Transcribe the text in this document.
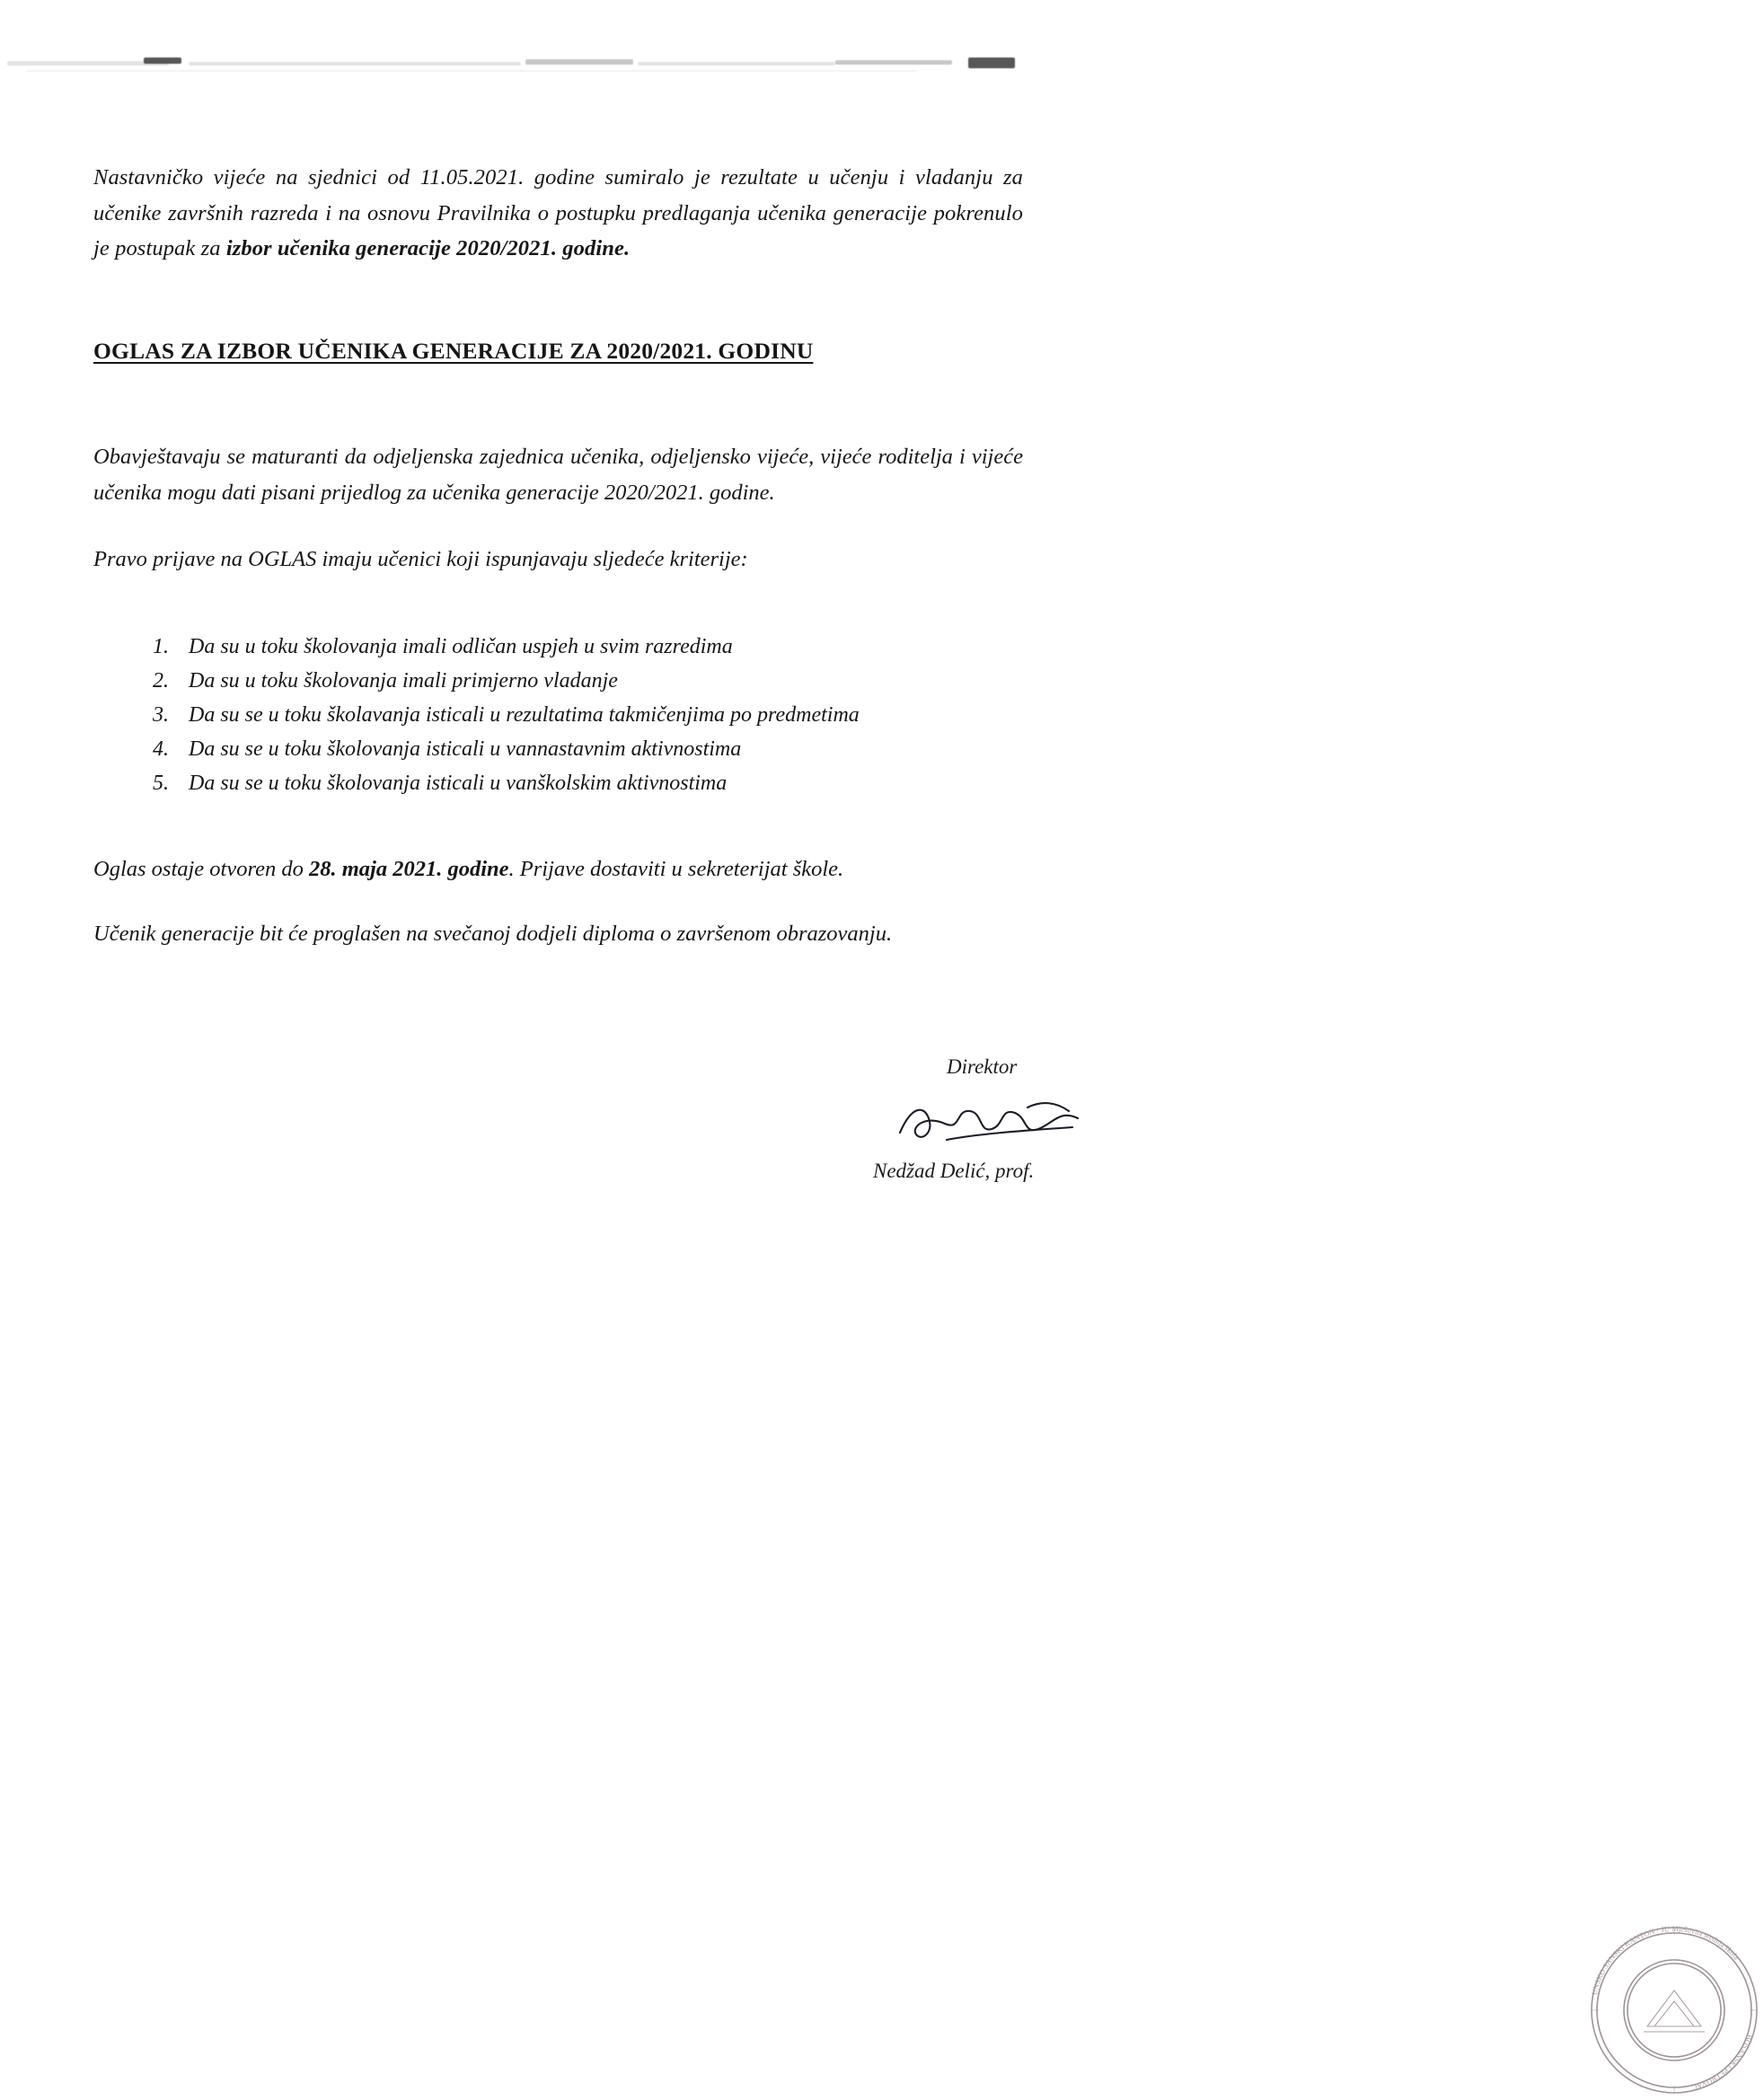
Nastavničko vijeće na sjednici od 11.05.2021. godine sumiralo je rezultate u učenju i vladanju za učenike završnih razreda i na osnovu Pravilnika o postupku predlaganja učenika generacije pokrenulo je postupak za izbor učenika generacije 2020/2021. godine.

OGLAS ZA IZBOR UČENIKA GENERACIJE ZA 2020/2021. GODINU

Obavještavaju se maturanti da odjeljenska zajednica učenika, odjeljensko vijeće, vijeće roditelja i vijeće učenika mogu dati pisani prijedlog za učenika generacije 2020/2021. godine.

Pravo prijave na OGLAS imaju učenici koji ispunjavaju sljedeće kriterije:

1. Da su u toku školovanja imali odličan uspjeh u svim razredima
2. Da su u toku školovanja imali primjerno vladanje
3. Da su se u toku školavanja isticali u rezultatima takmičenjima po predmetima
4. Da su se u toku školovanja isticali u vannastavnim aktivnostima
5. Da su se u toku školovanja isticali u vanškolskim aktivnostima

Oglas ostaje otvoren do 28. maja 2021. godine. Prijave dostaviti u sekreterijat škole.

Učenik generacije bit će proglašen na svečanoj dodjeli diploma o završenom obrazovanju.

UNSKO SANSKI KANTON · JU Mješovita srednja škola
BOSANSKI PETROVAC
Direktor
Nedžad Delić, prof.
